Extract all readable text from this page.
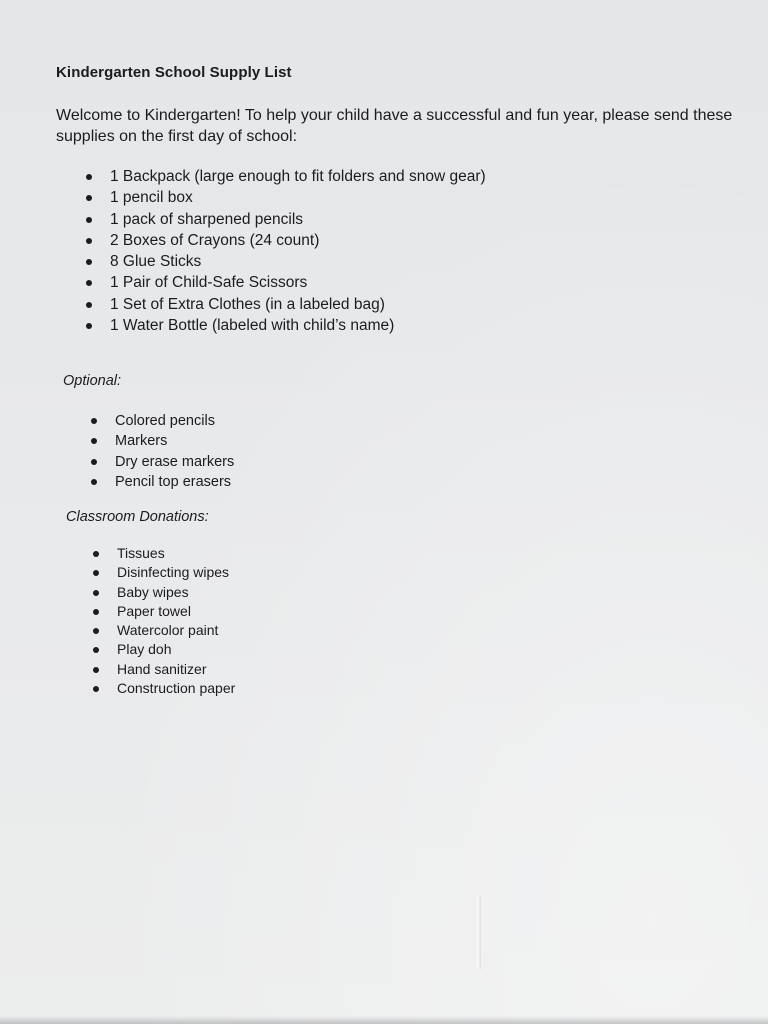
Kindergarten School Supply List
Welcome to Kindergarten! To help your child have a successful and fun year, please send these supplies on the first day of school:
1 Backpack (large enough to fit folders and snow gear)
1 pencil box
1 pack of sharpened pencils
2 Boxes of Crayons (24 count)
8 Glue Sticks
1 Pair of Child-Safe Scissors
1 Set of Extra Clothes (in a labeled bag)
1 Water Bottle (labeled with child’s name)
Optional:
Colored pencils
Markers
Dry erase markers
Pencil top erasers
Classroom Donations:
Tissues
Disinfecting wipes
Baby wipes
Paper towel
Watercolor paint
Play doh
Hand sanitizer
Construction paper
